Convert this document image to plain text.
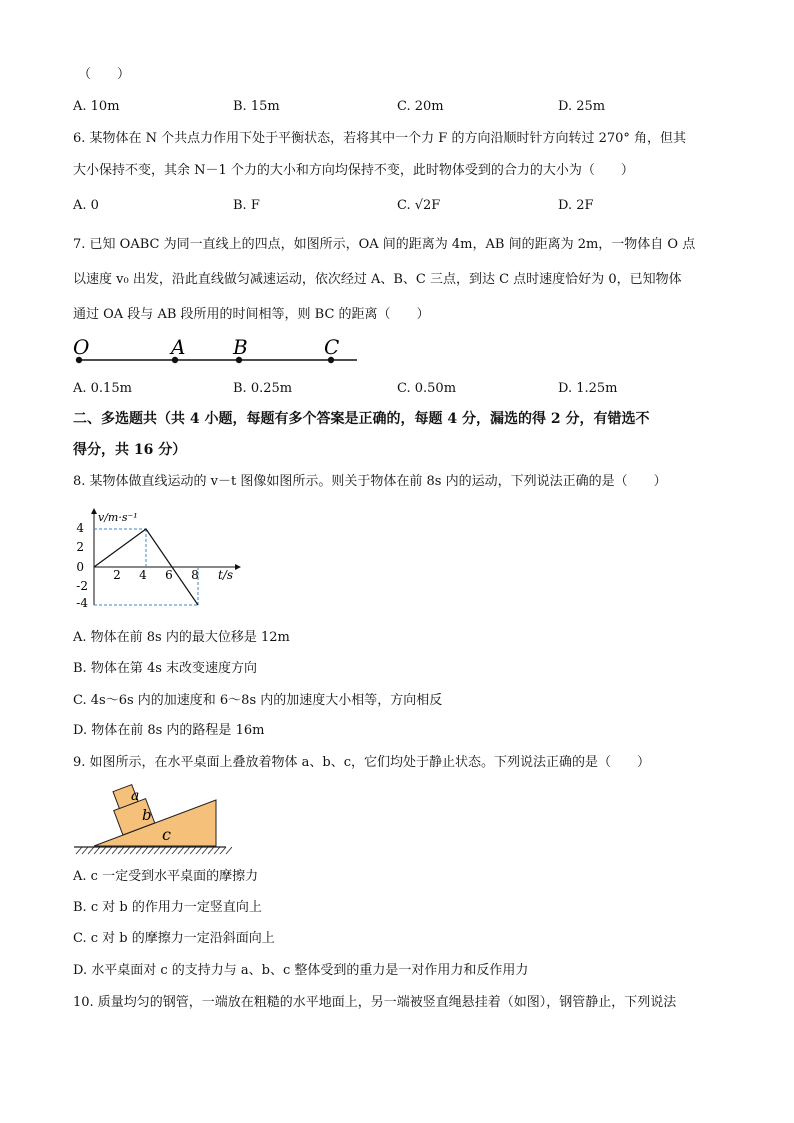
（　　）
A. 10m	B. 15m	C. 20m	D. 25m
6. 某物体在 N 个共点力作用下处于平衡状态，若将其中一个力 F 的方向沿顺时针方向转过 270° 角，但其
大小保持不变，其余 N－1 个力的大小和方向均保持不变，此时物体受到的合力的大小为（　　）
A. 0	B. F	C. √2F	D. 2F
7. 已知 OABC 为同一直线上的四点，如图所示，OA 间的距离为 4m，AB 间的距离为 2m，一物体自 O 点
以速度 v₀ 出发，沿此直线做匀减速运动，依次经过 A、B、C 三点，到达 C 点时速度恰好为 0，已知物体
通过 OA 段与 AB 段所用的时间相等，则 BC 的距离（　　）
O	A B	C
A. 0.15m	B. 0.25m	C. 0.50m	D. 1.25m
二、多选题共（共 4 小题，每题有多个答案是正确的，每题 4 分，漏选的得 2 分，有错选不
得分，共 16 分）
8. 某物体做直线运动的 v－t 图像如图所示。则关于物体在前 8s 内的运动，下列说法正确的是（　　）
v/m·s⁻¹
t/s
4
2
0
-2
-4
2 4 6 8
A. 物体在前 8s 内的最大位移是 12m
B. 物体在第 4s 末改变速度方向
C. 4s～6s 内的加速度和 6～8s 内的加速度大小相等，方向相反
D. 物体在前 8s 内的路程是 16m
9. 如图所示，在水平桌面上叠放着物体 a、b、c，它们均处于静止状态。下列说法正确的是（　　）
a
b
c
A. c 一定受到水平桌面的摩擦力
B. c 对 b 的作用力一定竖直向上
C. c 对 b 的摩擦力一定沿斜面向上
D. 水平桌面对 c 的支持力与 a、b、c 整体受到的重力是一对作用力和反作用力
10. 质量均匀的钢管，一端放在粗糙的水平地面上，另一端被竖直绳悬挂着（如图），钢管静止，下列说法
